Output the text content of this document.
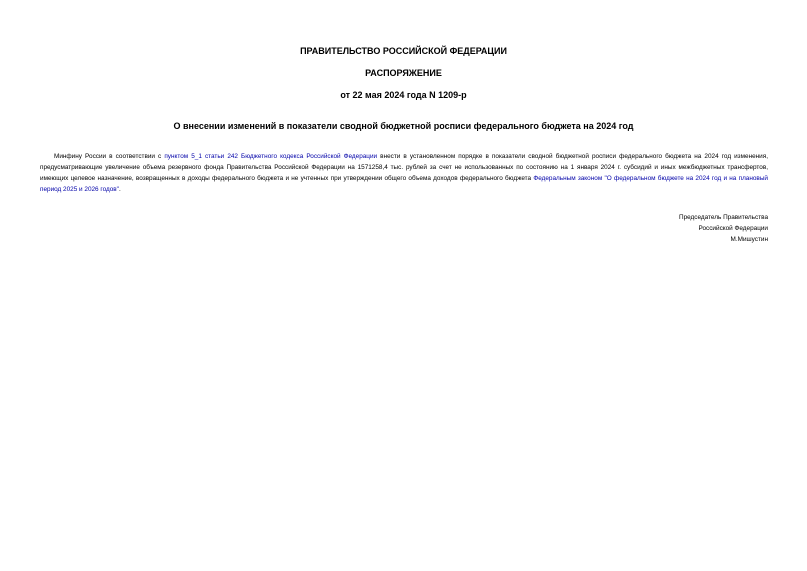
ПРАВИТЕЛЬСТВО РОССИЙСКОЙ ФЕДЕРАЦИИ
РАСПОРЯЖЕНИЕ
от 22 мая 2024 года N 1209-р
О внесении изменений в показатели сводной бюджетной росписи федерального бюджета на 2024 год
Минфину России в соответствии с пунктом 5_1 статьи 242 Бюджетного кодекса Российской Федерации внести в установленном порядке в показатели сводной бюджетной росписи федерального бюджета на 2024 год изменения, предусматривающие увеличение объема резервного фонда Правительства Российской Федерации на 1571258,4 тыс. рублей за счет не использованных по состоянию на 1 января 2024 г. субсидий и иных межбюджетных трансфертов, имеющих целевое назначение, возвращенных в доходы федерального бюджета и не учтенных при утверждении общего объема доходов федерального бюджета Федеральным законом "О федеральном бюджете на 2024 год и на плановый период 2025 и 2026 годов".
Председатель Правительства
Российской Федерации
М.Мишустин
